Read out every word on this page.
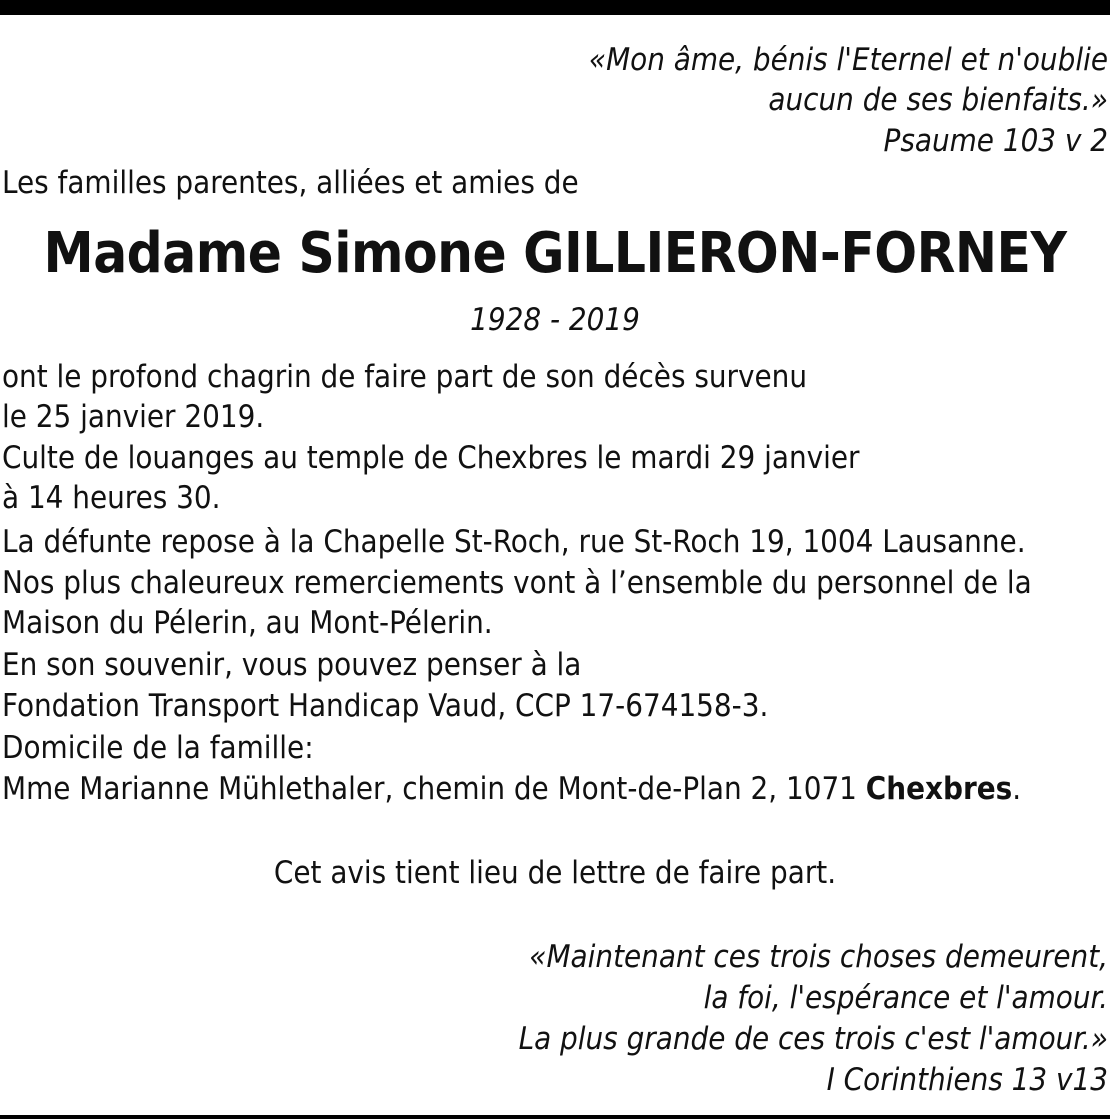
«Mon âme, bénis l'Eternel et n'oublie
aucun de ses bienfaits.»
Psaume 103 v 2
Les familles parentes, alliées et amies de
Madame Simone GILLIERON-FORNEY
1928 - 2019
ont le profond chagrin de faire part de son décès survenu
le 25 janvier 2019.
Culte de louanges au temple de Chexbres le mardi 29 janvier
à 14 heures 30.
La défunte repose à la Chapelle St-Roch, rue St-Roch 19, 1004 Lausanne.
Nos plus chaleureux remerciements vont à l’ensemble du personnel de la
Maison du Pélerin, au Mont-Pélerin.
En son souvenir, vous pouvez penser à la
Fondation Transport Handicap Vaud, CCP 17-674158-3.
Domicile de la famille:
Mme Marianne Mühlethaler, chemin de Mont-de-Plan 2, 1071 Chexbres.
Cet avis tient lieu de lettre de faire part.
«Maintenant ces trois choses demeurent,
la foi, l'espérance et l'amour.
La plus grande de ces trois c'est l'amour.»
I Corinthiens 13 v13
